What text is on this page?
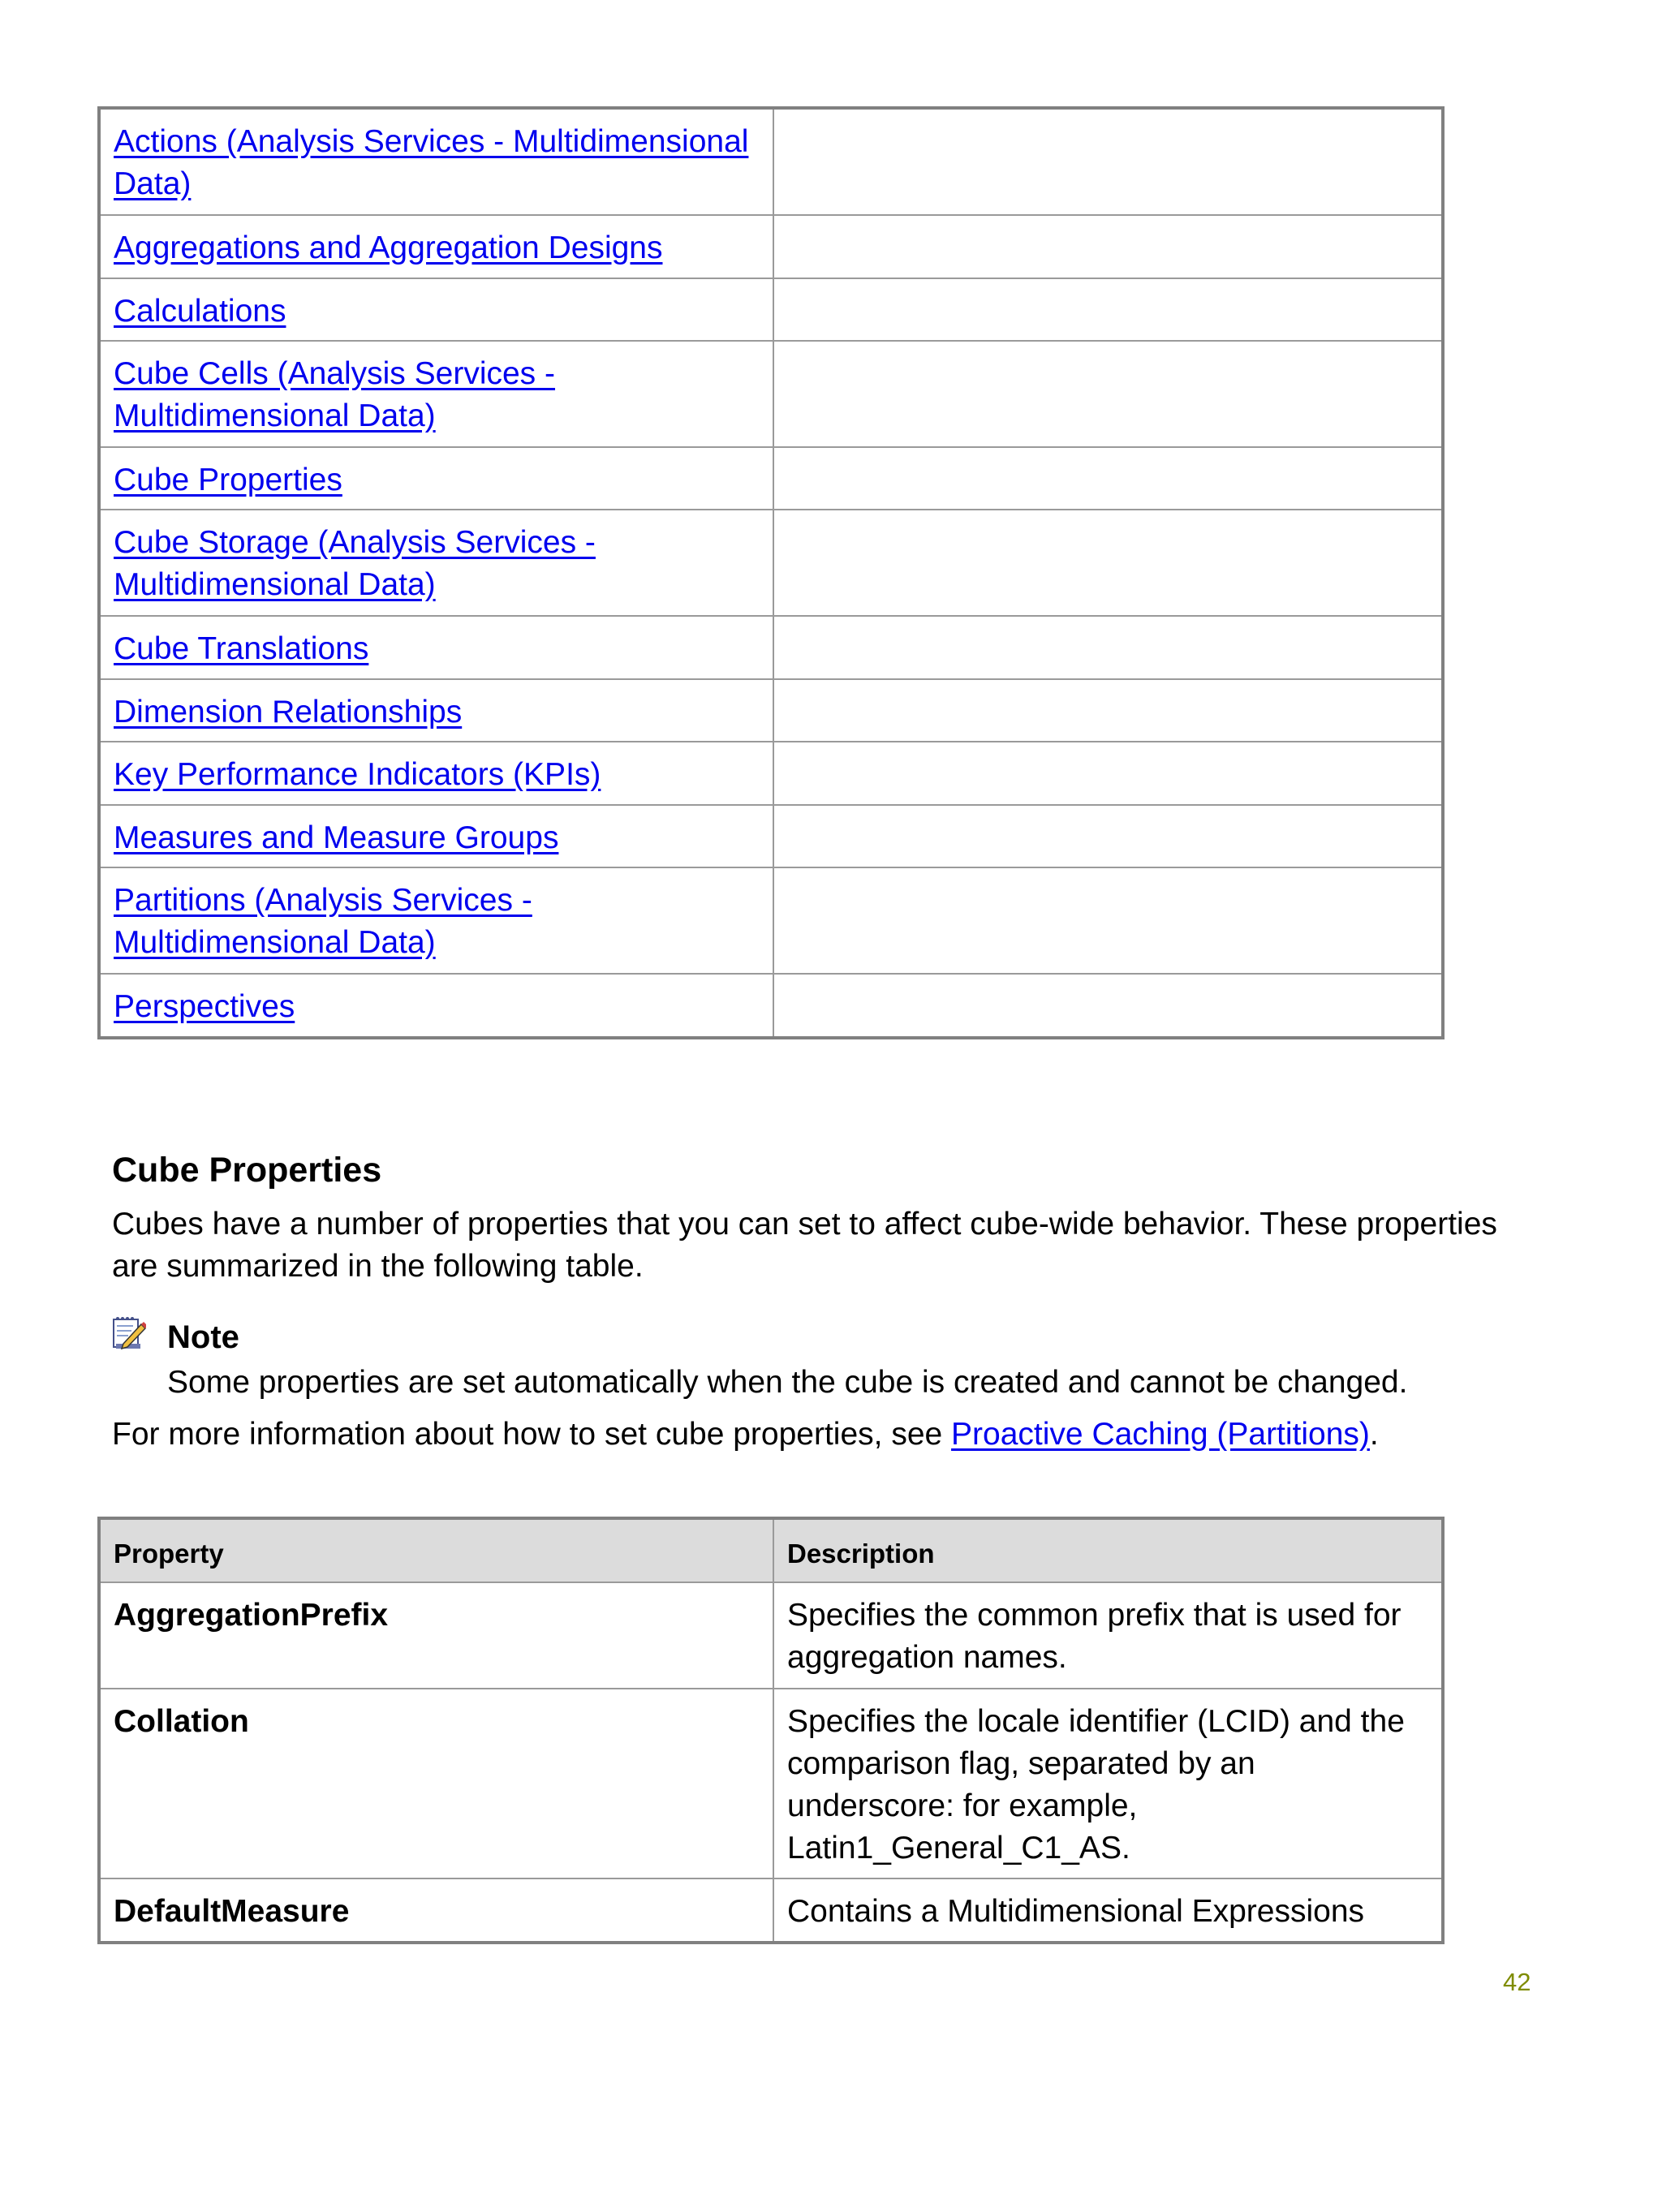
Actions (Analysis Services - Multidimensional Data)	
Aggregations and Aggregation Designs	
Calculations	
Cube Cells (Analysis Services - Multidimensional Data)	
Cube Properties	
Cube Storage (Analysis Services - Multidimensional Data)	
Cube Translations	
Dimension Relationships	
Key Performance Indicators (KPIs)	
Measures and Measure Groups	
Partitions (Analysis Services - Multidimensional Data)	
Perspectives	
Cube Properties
Cubes have a number of properties that you can set to affect cube-wide behavior. These properties are summarized in the following table.
Note
Some properties are set automatically when the cube is created and cannot be changed.
For more information about how to set cube properties, see Proactive Caching (Partitions).
Property	Description
AggregationPrefix	Specifies the common prefix that is used for aggregation names.
Collation	Specifies the locale identifier (LCID) and the comparison flag, separated by an underscore: for example, Latin1_General_C1_AS.
DefaultMeasure	Contains a Multidimensional Expressions
42
